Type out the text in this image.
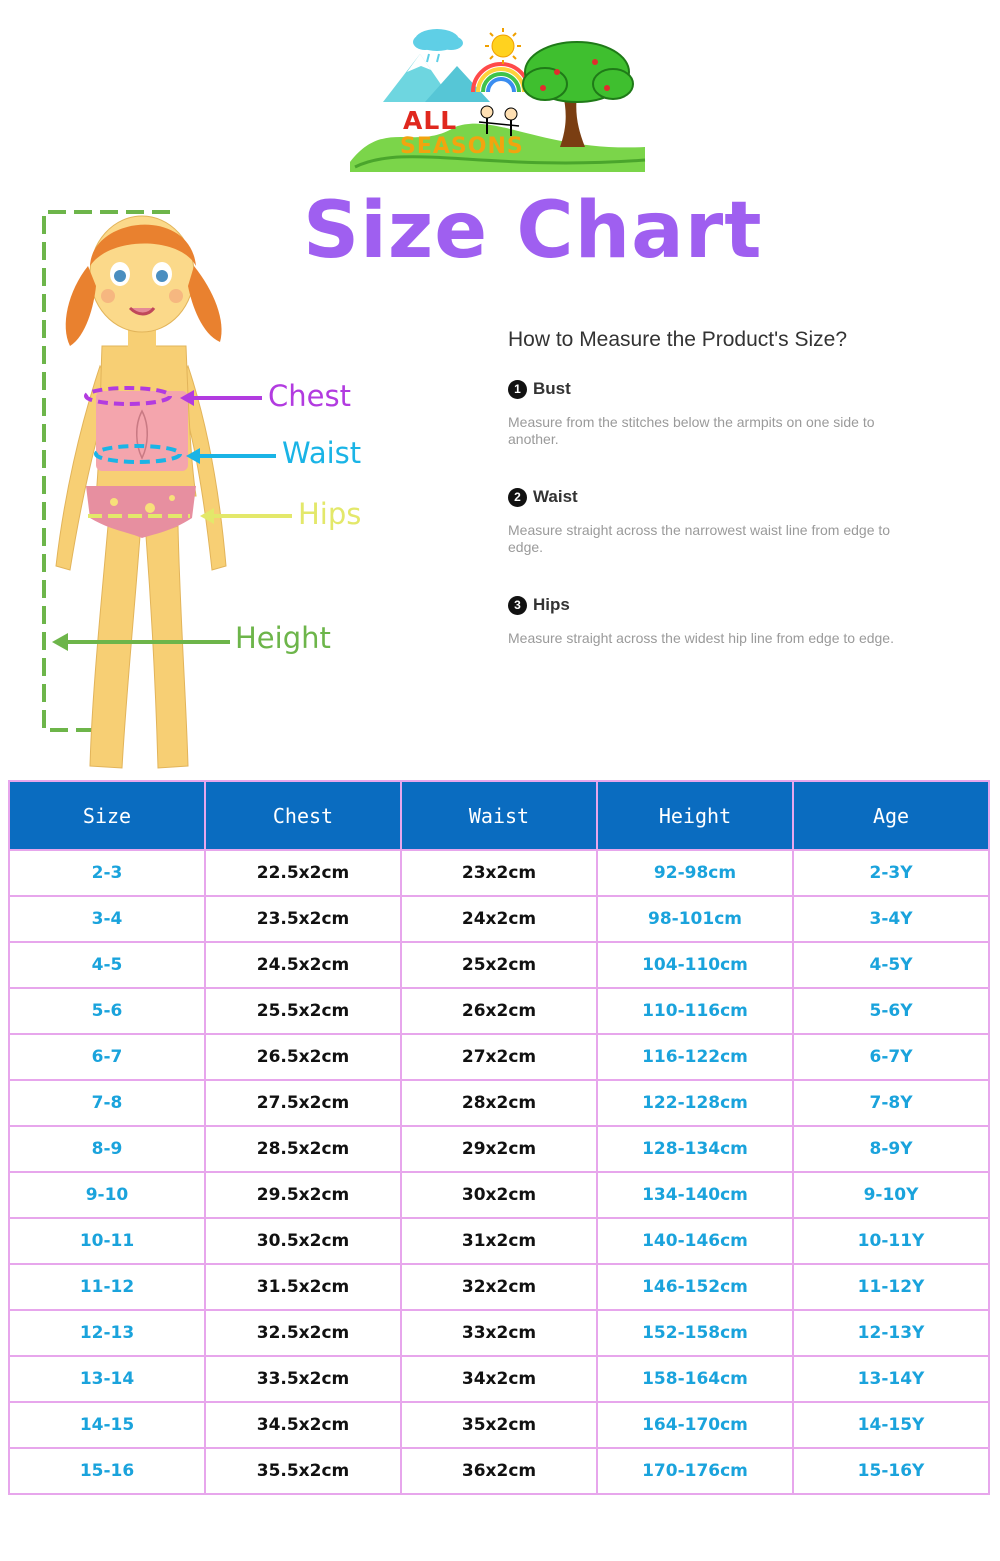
ALL
SEASONS
Size Chart
Chest
Waist
Hips
Height
How to Measure the Product's Size?
1 Bust
Measure from the stitches below the armpits on one side to another.
2 Waist
Measure straight across the narrowest waist line from edge to edge.
3 Hips
Measure straight across the widest hip line from edge to edge.
Size	Chest	Waist	Height	Age
2-3	22.5x2cm	23x2cm	92-98cm	2-3Y
3-4	23.5x2cm	24x2cm	98-101cm	3-4Y
4-5	24.5x2cm	25x2cm	104-110cm	4-5Y
5-6	25.5x2cm	26x2cm	110-116cm	5-6Y
6-7	26.5x2cm	27x2cm	116-122cm	6-7Y
7-8	27.5x2cm	28x2cm	122-128cm	7-8Y
8-9	28.5x2cm	29x2cm	128-134cm	8-9Y
9-10	29.5x2cm	30x2cm	134-140cm	9-10Y
10-11	30.5x2cm	31x2cm	140-146cm	10-11Y
11-12	31.5x2cm	32x2cm	146-152cm	11-12Y
12-13	32.5x2cm	33x2cm	152-158cm	12-13Y
13-14	33.5x2cm	34x2cm	158-164cm	13-14Y
14-15	34.5x2cm	35x2cm	164-170cm	14-15Y
15-16	35.5x2cm	36x2cm	170-176cm	15-16Y
